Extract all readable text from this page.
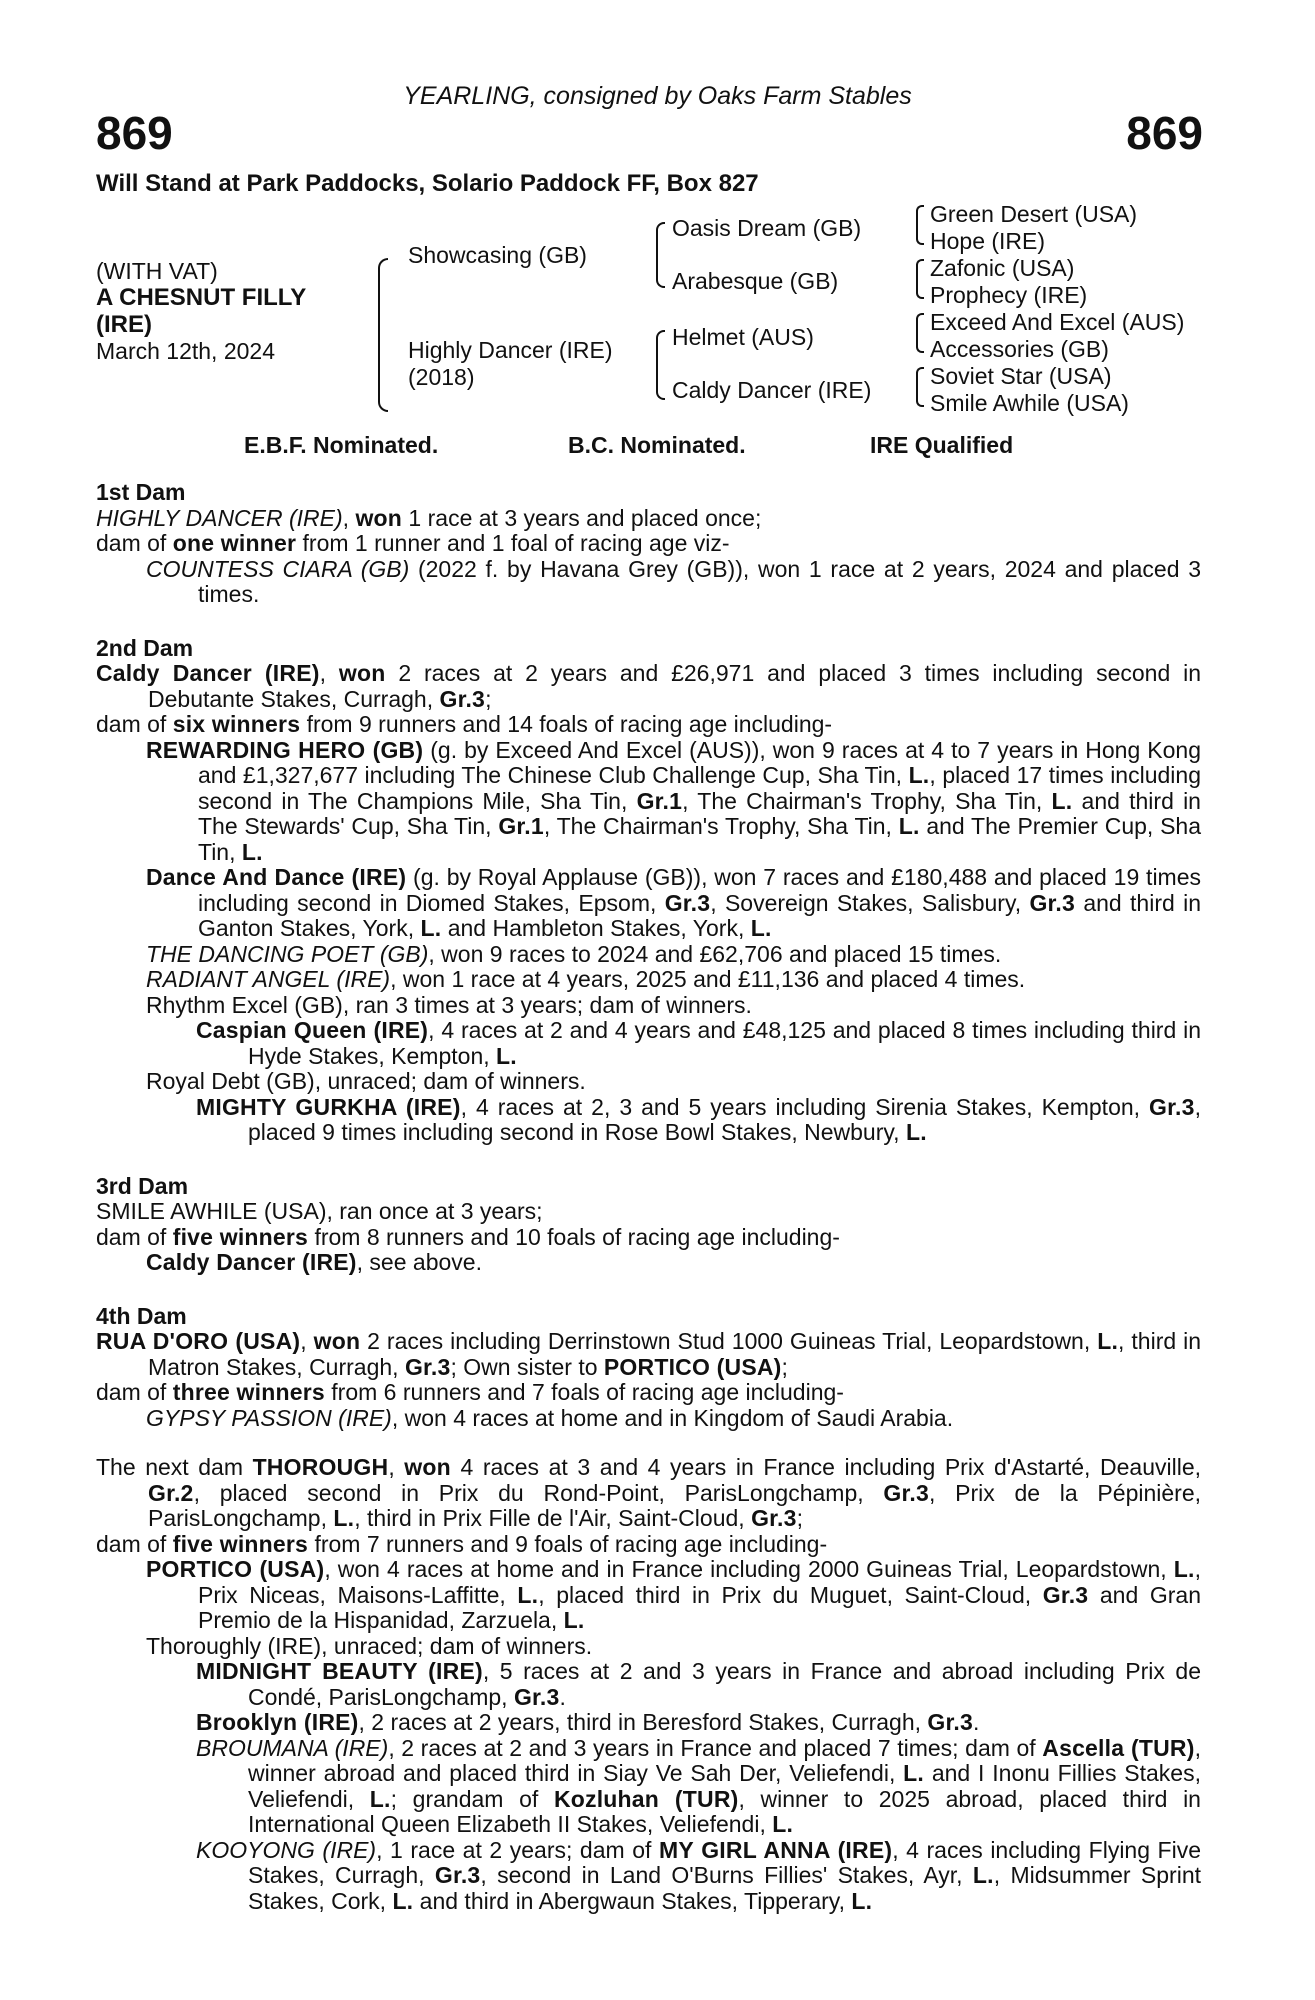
YEARLING, consigned by Oaks Farm Stables
869	869
Will Stand at Park Paddocks, Solario Paddock FF, Box 827
(WITH VAT)
A CHESNUT FILLY
(IRE)
March 12th, 2024
Showcasing (GB)
Highly Dancer (IRE)
(2018)
Oasis Dream (GB)
Arabesque (GB)
Helmet (AUS)
Caldy Dancer (IRE)
Green Desert (USA)
Hope (IRE)
Zafonic (USA)
Prophecy (IRE)
Exceed And Excel (AUS)
Accessories (GB)
Soviet Star (USA)
Smile Awhile (USA)
E.B.F. Nominated.	B.C. Nominated.	IRE Qualified
1st Dam
HIGHLY DANCER (IRE), won 1 race at 3 years and placed once;
dam of one winner from 1 runner and 1 foal of racing age viz-
COUNTESS CIARA (GB) (2022 f. by Havana Grey (GB)), won 1 race at 2 years, 2024 and placed 3 times.
2nd Dam
Caldy Dancer (IRE), won 2 races at 2 years and £26,971 and placed 3 times including second in Debutante Stakes, Curragh, Gr.3;
dam of six winners from 9 runners and 14 foals of racing age including-
REWARDING HERO (GB) (g. by Exceed And Excel (AUS)), won 9 races at 4 to 7 years in Hong Kong and £1,327,677 including The Chinese Club Challenge Cup, Sha Tin, L., placed 17 times including second in The Champions Mile, Sha Tin, Gr.1, The Chairman's Trophy, Sha Tin, L. and third in The Stewards' Cup, Sha Tin, Gr.1, The Chairman's Trophy, Sha Tin, L. and The Premier Cup, Sha Tin, L.
Dance And Dance (IRE) (g. by Royal Applause (GB)), won 7 races and £180,488 and placed 19 times including second in Diomed Stakes, Epsom, Gr.3, Sovereign Stakes, Salisbury, Gr.3 and third in Ganton Stakes, York, L. and Hambleton Stakes, York, L.
THE DANCING POET (GB), won 9 races to 2024 and £62,706 and placed 15 times.
RADIANT ANGEL (IRE), won 1 race at 4 years, 2025 and £11,136 and placed 4 times.
Rhythm Excel (GB), ran 3 times at 3 years; dam of winners.
Caspian Queen (IRE), 4 races at 2 and 4 years and £48,125 and placed 8 times including third in Hyde Stakes, Kempton, L.
Royal Debt (GB), unraced; dam of winners.
MIGHTY GURKHA (IRE), 4 races at 2, 3 and 5 years including Sirenia Stakes, Kempton, Gr.3, placed 9 times including second in Rose Bowl Stakes, Newbury, L.
3rd Dam
SMILE AWHILE (USA), ran once at 3 years;
dam of five winners from 8 runners and 10 foals of racing age including-
Caldy Dancer (IRE), see above.
4th Dam
RUA D'ORO (USA), won 2 races including Derrinstown Stud 1000 Guineas Trial, Leopardstown, L., third in Matron Stakes, Curragh, Gr.3; Own sister to PORTICO (USA);
dam of three winners from 6 runners and 7 foals of racing age including-
GYPSY PASSION (IRE), won 4 races at home and in Kingdom of Saudi Arabia.
The next dam THOROUGH, won 4 races at 3 and 4 years in France including Prix d'Astarté, Deauville, Gr.2, placed second in Prix du Rond-Point, ParisLongchamp, Gr.3, Prix de la Pépinière, ParisLongchamp, L., third in Prix Fille de l'Air, Saint-Cloud, Gr.3;
dam of five winners from 7 runners and 9 foals of racing age including-
PORTICO (USA), won 4 races at home and in France including 2000 Guineas Trial, Leopardstown, L., Prix Niceas, Maisons-Laffitte, L., placed third in Prix du Muguet, Saint-Cloud, Gr.3 and Gran Premio de la Hispanidad, Zarzuela, L.
Thoroughly (IRE), unraced; dam of winners.
MIDNIGHT BEAUTY (IRE), 5 races at 2 and 3 years in France and abroad including Prix de Condé, ParisLongchamp, Gr.3.
Brooklyn (IRE), 2 races at 2 years, third in Beresford Stakes, Curragh, Gr.3.
BROUMANA (IRE), 2 races at 2 and 3 years in France and placed 7 times; dam of Ascella (TUR), winner abroad and placed third in Siay Ve Sah Der, Veliefendi, L. and I Inonu Fillies Stakes, Veliefendi, L.; grandam of Kozluhan (TUR), winner to 2025 abroad, placed third in International Queen Elizabeth II Stakes, Veliefendi, L.
KOOYONG (IRE), 1 race at 2 years; dam of MY GIRL ANNA (IRE), 4 races including Flying Five Stakes, Curragh, Gr.3, second in Land O'Burns Fillies' Stakes, Ayr, L., Midsummer Sprint Stakes, Cork, L. and third in Abergwaun Stakes, Tipperary, L.
